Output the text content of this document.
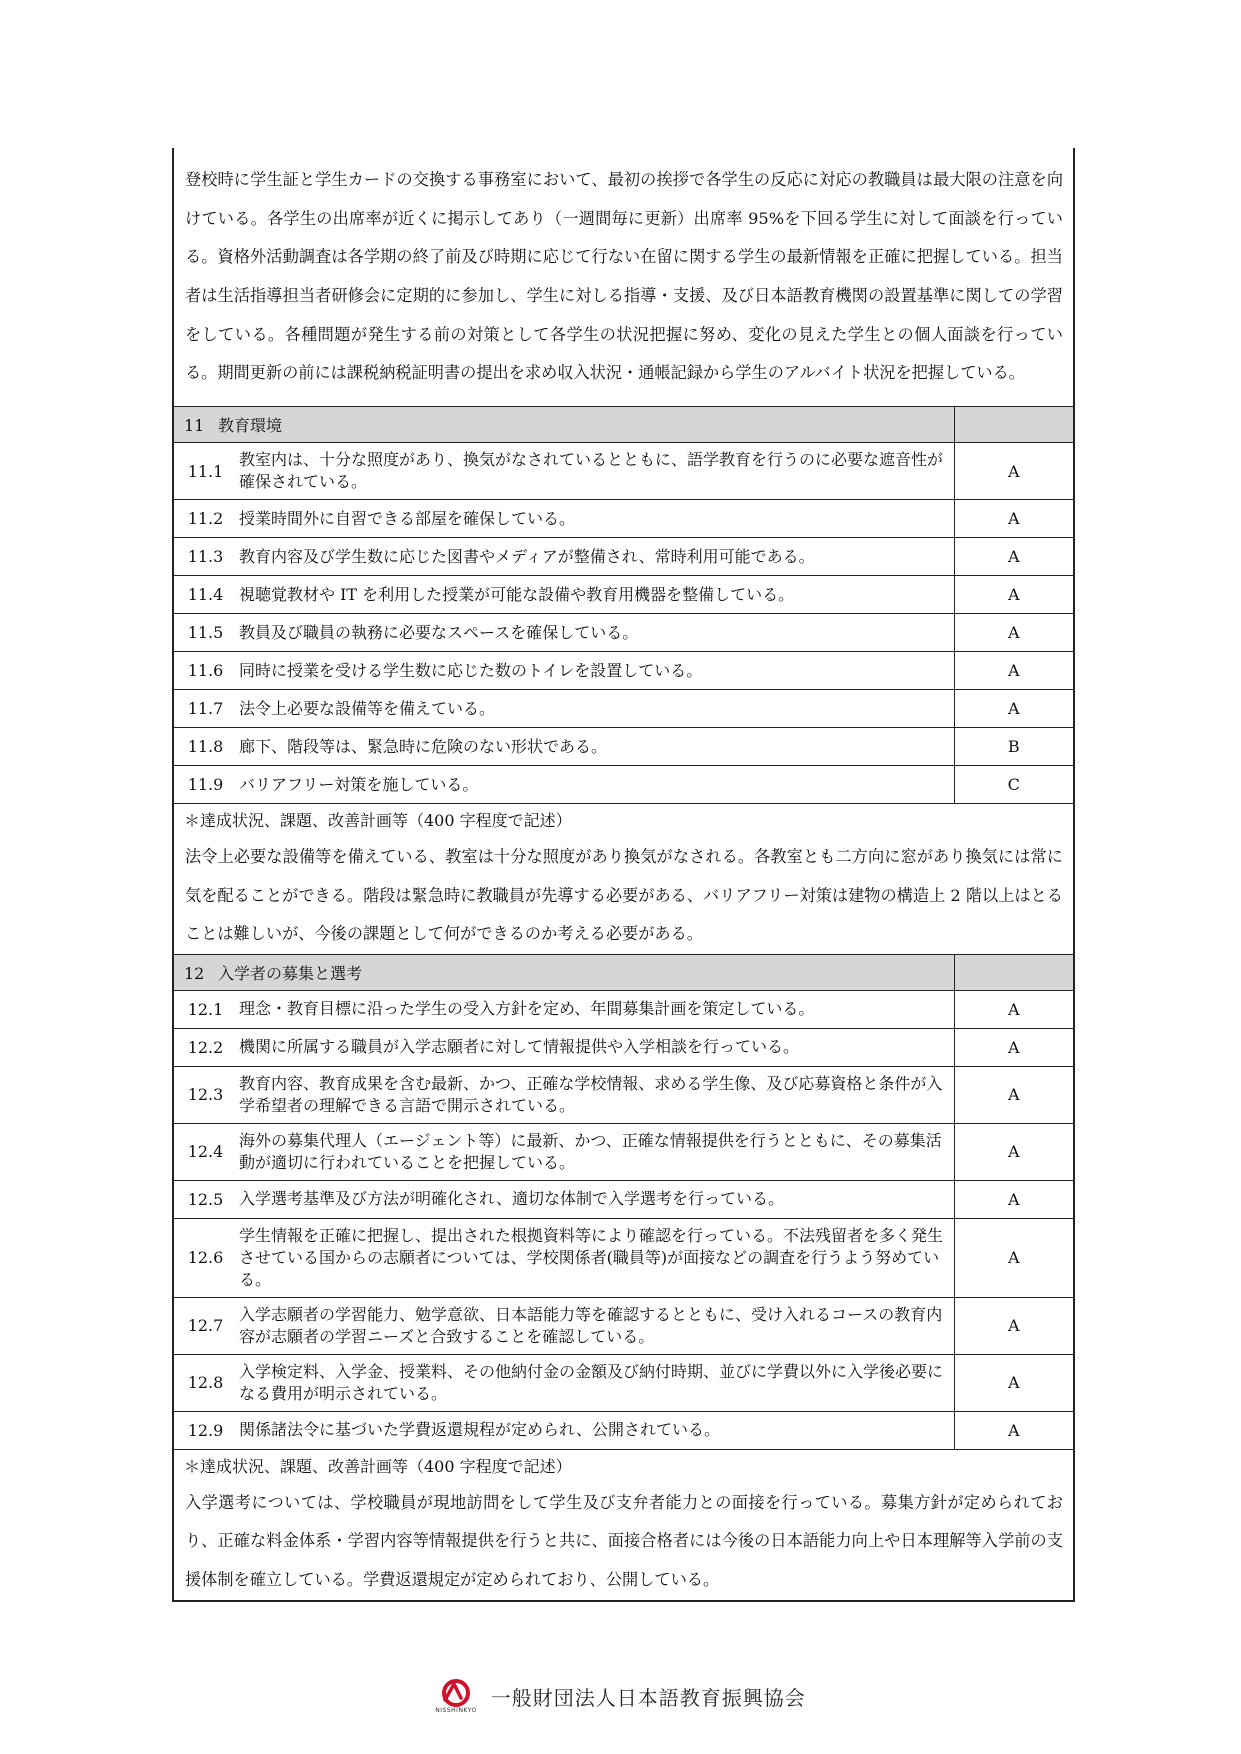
登校時に学生証と学生カードの交換する事務室において、最初の挨拶で各学生の反応に対応の教職員は最大限の注意を向けている。各学生の出席率が近くに掲示してあり（一週間毎に更新）出席率 95%を下回る学生に対して面談を行っている。資格外活動調査は各学期の終了前及び時期に応じて行ない在留に関する学生の最新情報を正確に把握している。担当者は生活指導担当者研修会に定期的に参加し、学生に対しる指導・支援、及び日本語教育機関の設置基準に関しての学習をしている。各種問題が発生する前の対策として各学生の状況把握に努め、変化の見えた学生との個人面談を行っている。期間更新の前には課税納税証明書の提出を求め収入状況・通帳記録から学生のアルバイト状況を把握している。		
11 教育環境		
11.1	教室内は、十分な照度があり、換気がなされているとともに、語学教育を行うのに必要な遮音性が確保されている。	A
11.2	授業時間外に自習できる部屋を確保している。	A
11.3	教育内容及び学生数に応じた図書やメディアが整備され、常時利用可能である。	A
11.4	視聴覚教材や IT を利用した授業が可能な設備や教育用機器を整備している。	A
11.5	教員及び職員の執務に必要なスペースを確保している。	A
11.6	同時に授業を受ける学生数に応じた数のトイレを設置している。	A
11.7	法令上必要な設備等を備えている。	A
11.8	廊下、階段等は、緊急時に危険のない形状である。	B
11.9	バリアフリー対策を施している。	C
＊達成状況、課題、改善計画等（400 字程度で記述）		
法令上必要な設備等を備えている、教室は十分な照度があり換気がなされる。各教室とも二方向に窓があり換気には常に気を配ることができる。階段は緊急時に教職員が先導する必要がある、バリアフリー対策は建物の構造上 2 階以上はとることは難しいが、今後の課題として何ができるのか考える必要がある。		
12 入学者の募集と選考		
12.1	理念・教育目標に沿った学生の受入方針を定め、年間募集計画を策定している。	A
12.2	機関に所属する職員が入学志願者に対して情報提供や入学相談を行っている。	A
12.3	教育内容、教育成果を含む最新、かつ、正確な学校情報、求める学生像、及び応募資格と条件が入学希望者の理解できる言語で開示されている。	A
12.4	海外の募集代理人（エージェント等）に最新、かつ、正確な情報提供を行うとともに、その募集活動が適切に行われていることを把握している。	A
12.5	入学選考基準及び方法が明確化され、適切な体制で入学選考を行っている。	A
12.6	学生情報を正確に把握し、提出された根拠資料等により確認を行っている。不法残留者を多く発生させている国からの志願者については、学校関係者(職員等)が面接などの調査を行うよう努めている。	A
12.7	入学志願者の学習能力、勉学意欲、日本語能力等を確認するとともに、受け入れるコースの教育内容が志願者の学習ニーズと合致することを確認している。	A
12.8	入学検定料、入学金、授業料、その他納付金の金額及び納付時期、並びに学費以外に入学後必要になる費用が明示されている。	A
12.9	関係諸法令に基づいた学費返還規程が定められ、公開されている。	A
＊達成状況、課題、改善計画等（400 字程度で記述）		
入学選考については、学校職員が現地訪問をして学生及び支弁者能力との面接を行っている。募集方針が定められており、正確な料金体系・学習内容等情報提供を行うと共に、面接合格者には今後の日本語能力向上や日本理解等入学前の支援体制を確立している。学費返還規定が定められており、公開している。		
NISSHINKYO
一般財団法人日本語教育振興協会
